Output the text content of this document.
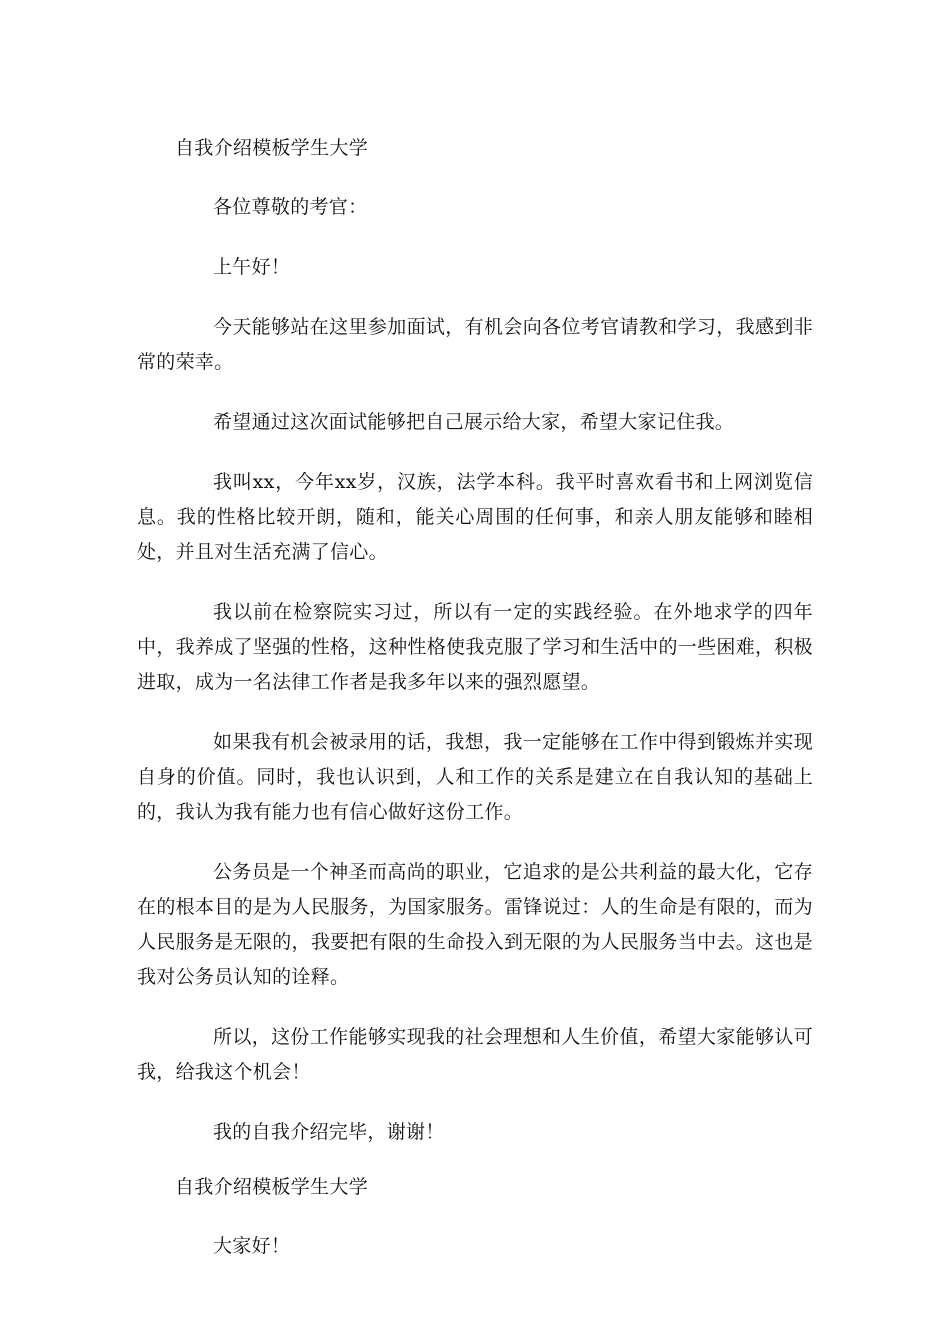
自我介绍模板学生大学

各位尊敬的考官：

上午好！

今天能够站在这里参加面试，有机会向各位考官请教和学习，我感到非常的荣幸。

希望通过这次面试能够把自己展示给大家，希望大家记住我。

我叫xx，今年xx岁，汉族，法学本科。我平时喜欢看书和上网浏览信息。我的性格比较开朗，随和，能关心周围的任何事，和亲人朋友能够和睦相处，并且对生活充满了信心。

我以前在检察院实习过，所以有一定的实践经验。在外地求学的四年中，我养成了坚强的性格，这种性格使我克服了学习和生活中的一些困难，积极进取，成为一名法律工作者是我多年以来的强烈愿望。

如果我有机会被录用的话，我想，我一定能够在工作中得到锻炼并实现自身的价值。同时，我也认识到，人和工作的关系是建立在自我认知的基础上的，我认为我有能力也有信心做好这份工作。

公务员是一个神圣而高尚的职业，它追求的是公共利益的最大化，它存在的根本目的是为人民服务，为国家服务。雷锋说过：人的生命是有限的，而为人民服务是无限的，我要把有限的生命投入到无限的为人民服务当中去。这也是我对公务员认知的诠释。

所以，这份工作能够实现我的社会理想和人生价值，希望大家能够认可我，给我这个机会！

我的自我介绍完毕，谢谢！

自我介绍模板学生大学

大家好！
